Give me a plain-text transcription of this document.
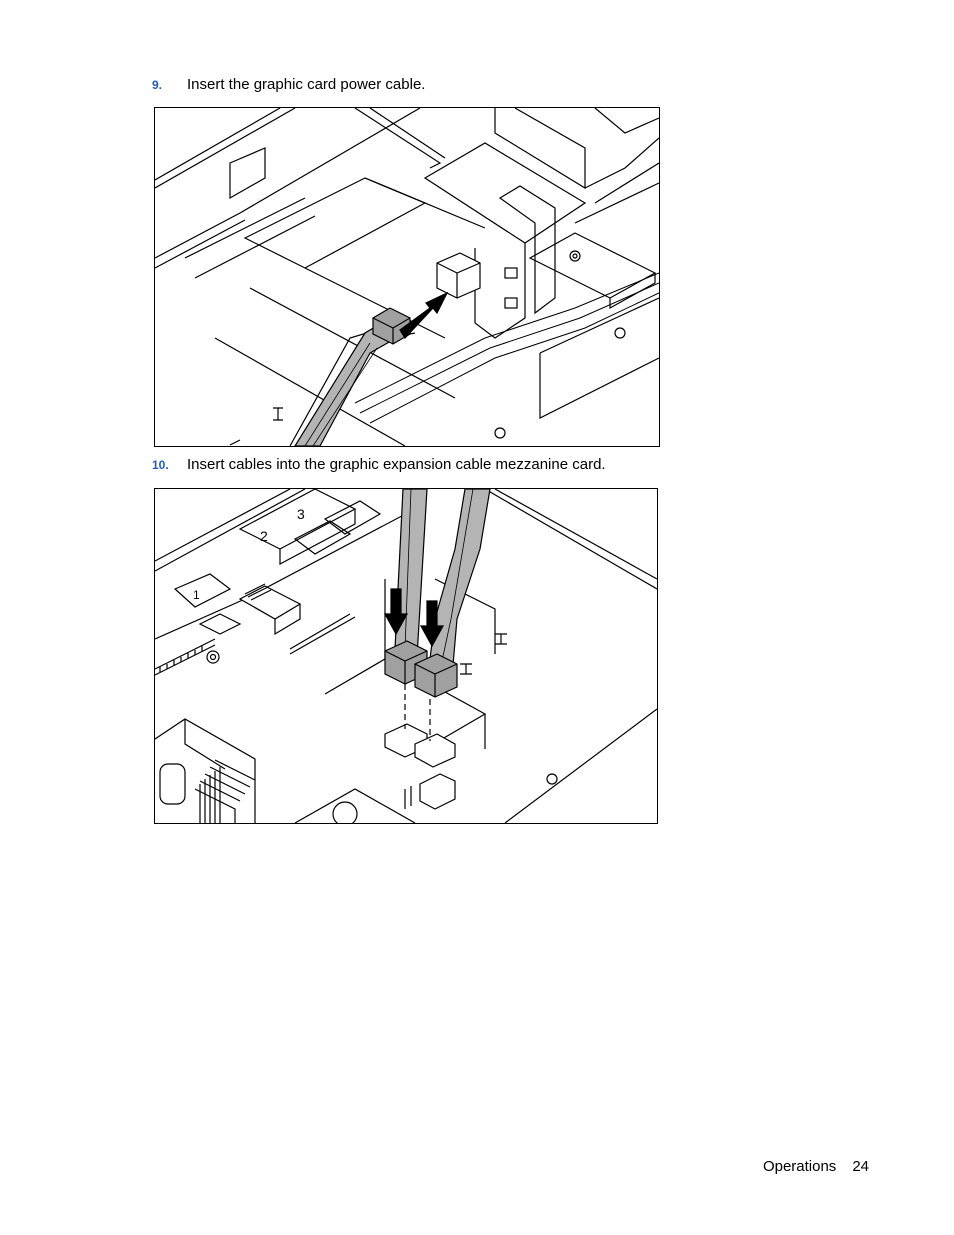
9. Insert the graphic card power cable.
10. Insert cables into the graphic expansion cable mezzanine card.
2
3
1
Operations 24
